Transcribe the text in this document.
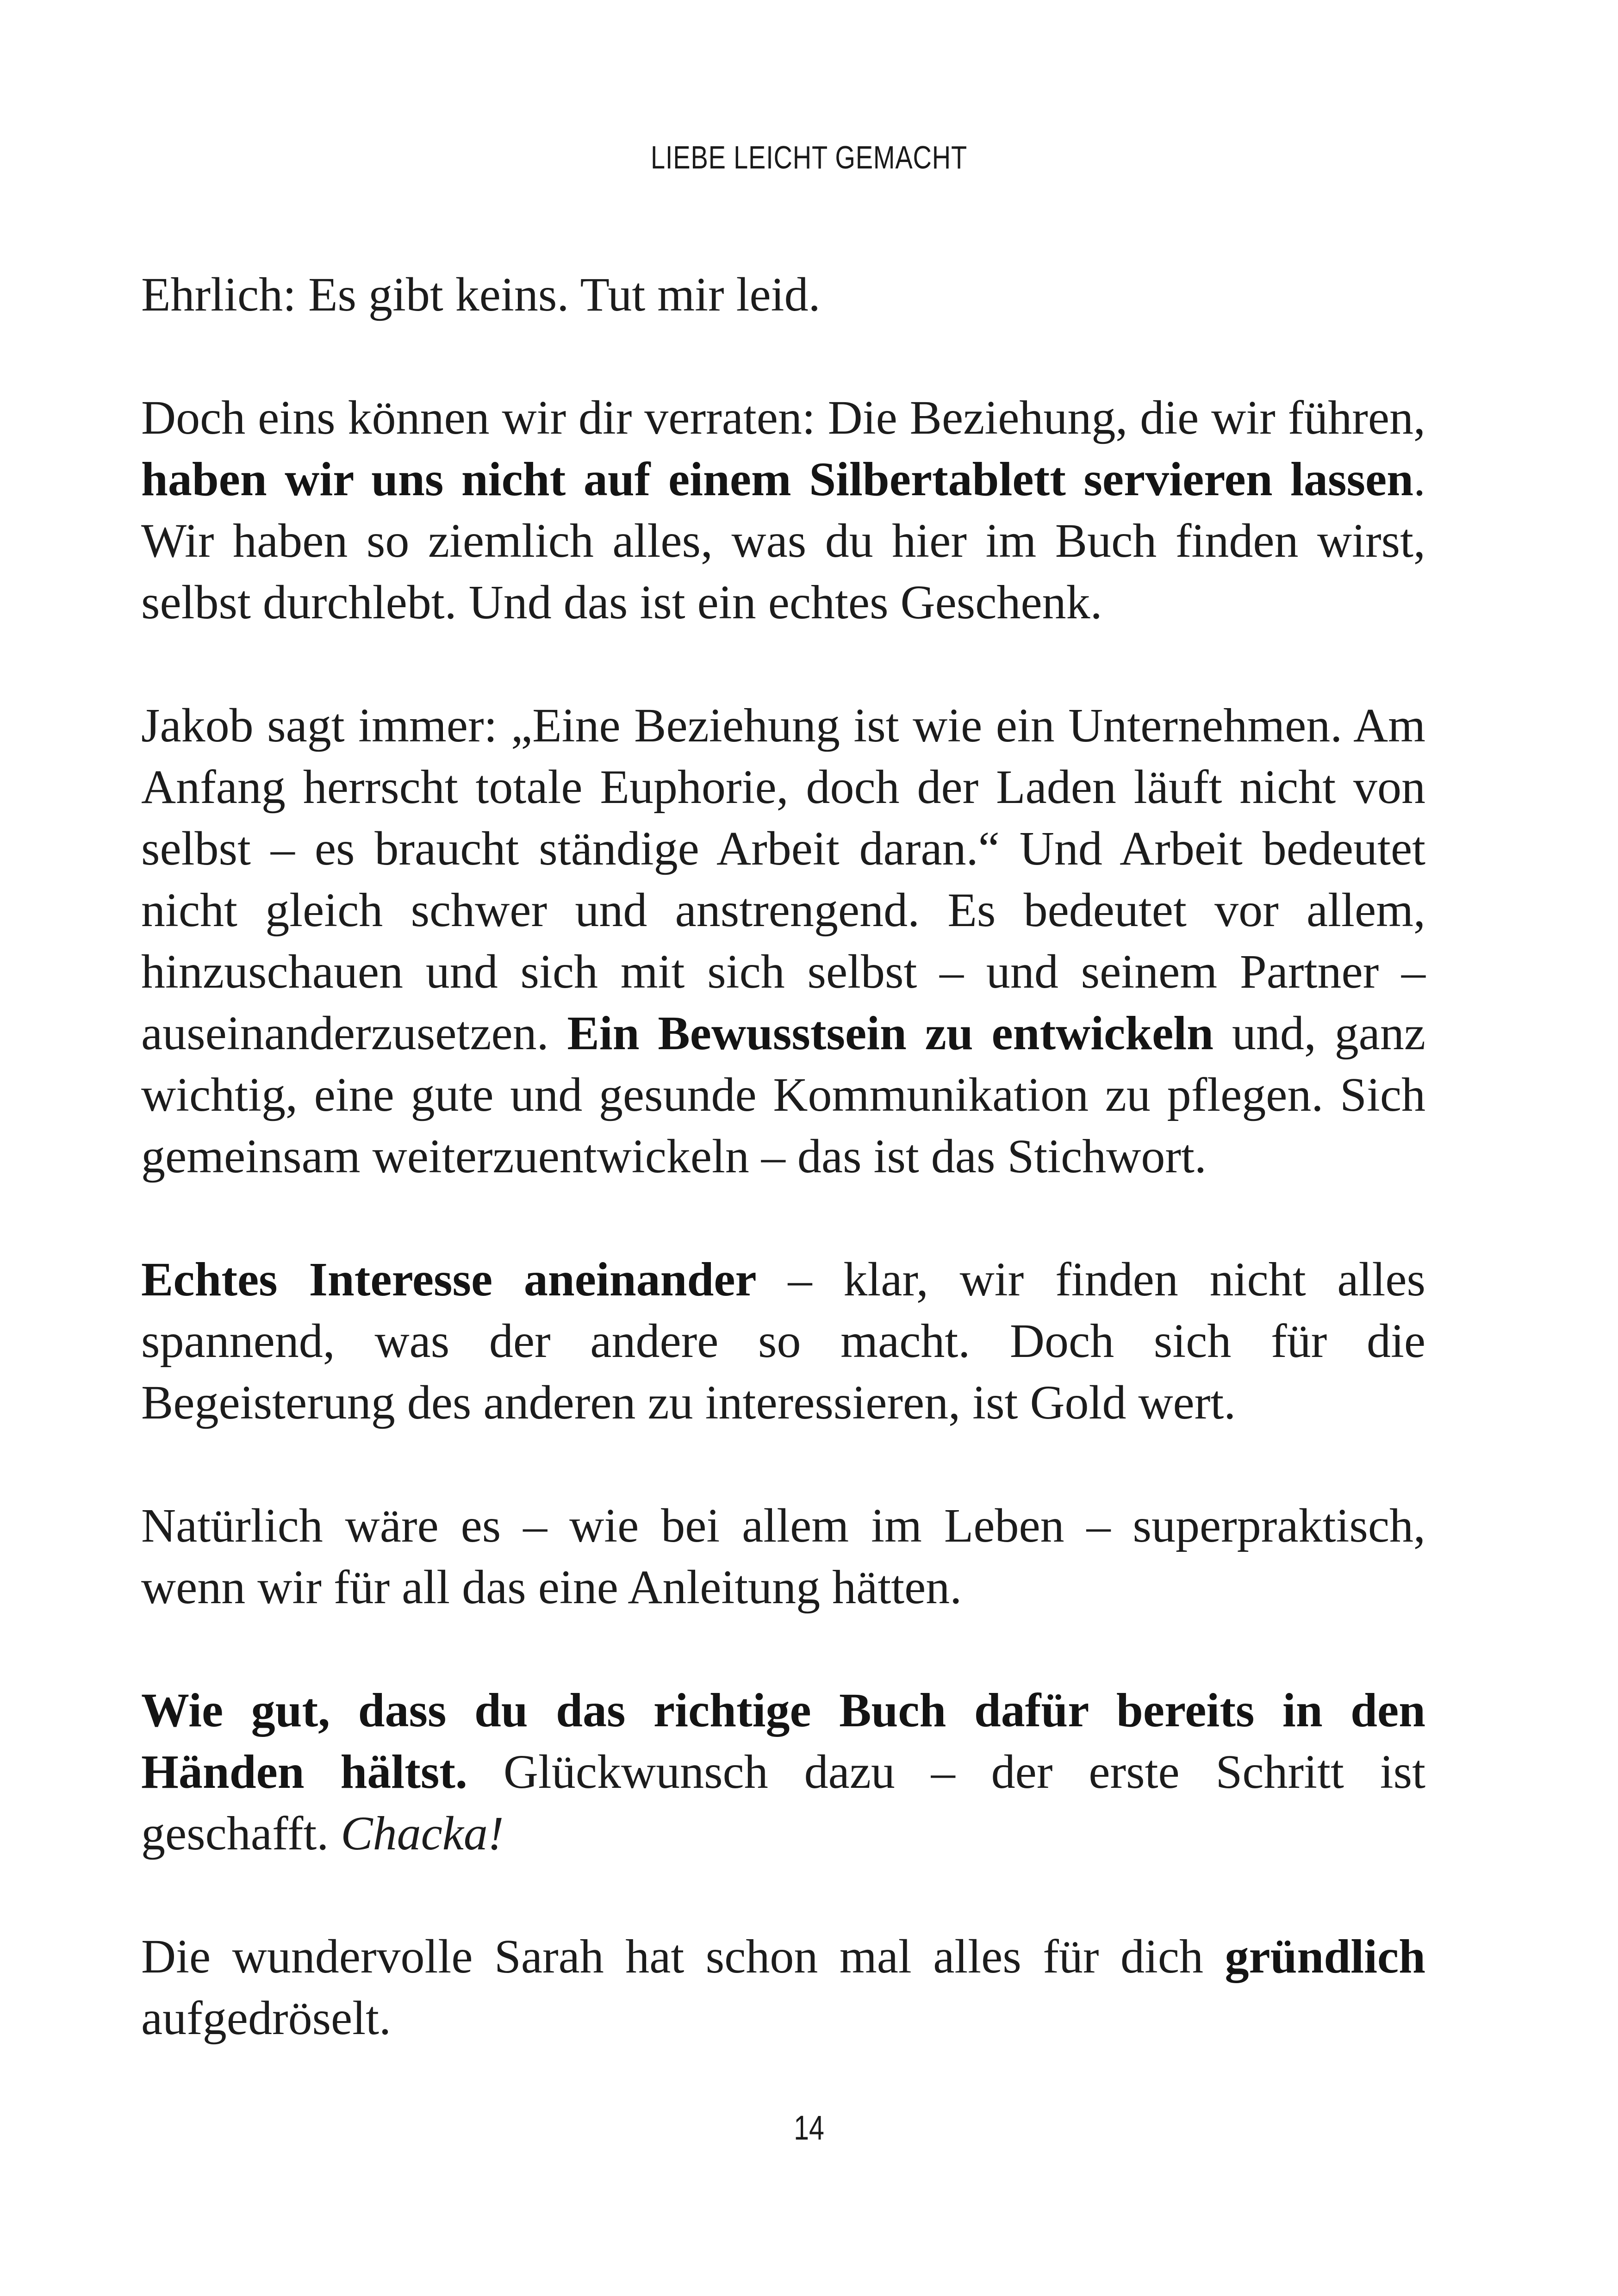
LIEBE LEICHT GEMACHT

Ehrlich: Es gibt keins. Tut mir leid.

Doch eins können wir dir verraten: Die Beziehung, die wir führen, haben wir uns nicht auf einem Silbertablett servieren lassen. Wir haben so ziemlich alles, was du hier im Buch finden wirst, selbst durchlebt. Und das ist ein echtes Geschenk.

Jakob sagt immer: „Eine Beziehung ist wie ein Unternehmen. Am Anfang herrscht totale Euphorie, doch der Laden läuft nicht von selbst – es braucht ständige Arbeit daran.“ Und Arbeit bedeutet nicht gleich schwer und anstrengend. Es bedeutet vor allem, hinzuschauen und sich mit sich selbst – und seinem Partner – auseinanderzusetzen. Ein Bewusstsein zu entwickeln und, ganz wichtig, eine gute und gesunde Kommunikation zu pflegen. Sich gemeinsam weiterzuentwickeln – das ist das Stichwort.

Echtes Interesse aneinander – klar, wir finden nicht alles spannend, was der andere so macht. Doch sich für die Begeisterung des anderen zu interessieren, ist Gold wert.

Natürlich wäre es – wie bei allem im Leben – superpraktisch, wenn wir für all das eine Anleitung hätten.

Wie gut, dass du das richtige Buch dafür bereits in den Händen hältst. Glückwunsch dazu – der erste Schritt ist geschafft. Chacka!

Die wundervolle Sarah hat schon mal alles für dich gründlich aufgedröselt.

14
